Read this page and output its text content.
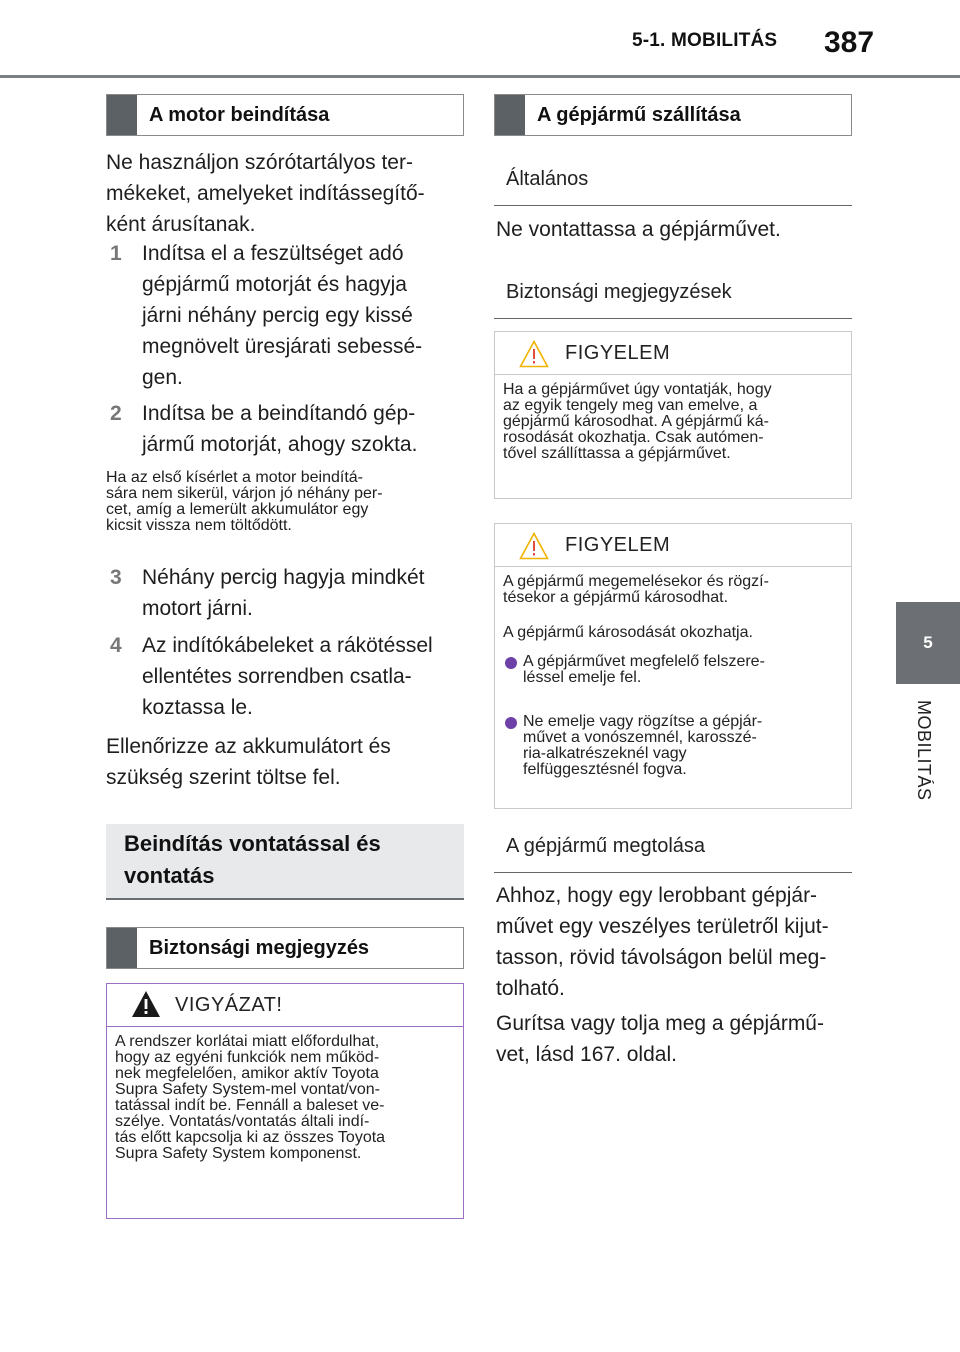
5-1. MOBILITÁS 387
5
MOBILITÁS
A motor beindítása
Ne használjon szórótartályos ter-
mékeket, amelyeket indítássegítő-
ként árusítanak.
1 Indítsa el a feszültséget adó
gépjármű motorját és hagyja
járni néhány percig egy kissé
megnövelt üresjárati sebessé-
gen.
2 Indítsa be a beindítandó gép-
jármű motorját, ahogy szokta.
Ha az első kísérlet a motor beindítá-
sára nem sikerül, várjon jó néhány per-
cet, amíg a lemerült akkumulátor egy
kicsit vissza nem töltődött.
3 Néhány percig hagyja mindkét
motort járni.
4 Az indítókábeleket a rákötéssel
ellentétes sorrendben csatla-
koztassa le.
Ellenőrizze az akkumulátort és
szükség szerint töltse fel.
Beindítás vontatással és
vontatás
Biztonsági megjegyzés
VIGYÁZAT!
A rendszer korlátai miatt előfordulhat,
hogy az egyéni funkciók nem működ-
nek megfelelően, amikor aktív Toyota
Supra Safety System-mel vontat/von-
tatással indít be. Fennáll a baleset ve-
szélye. Vontatás/vontatás általi indí-
tás előtt kapcsolja ki az összes Toyota
Supra Safety System komponenst.
A gépjármű szállítása
Általános
Ne vontattassa a gépjárművet.
Biztonsági megjegyzések
FIGYELEM
Ha a gépjárművet úgy vontatják, hogy
az egyik tengely meg van emelve, a
gépjármű károsodhat. A gépjármű ká-
rosodását okozhatja. Csak autómen-
tővel szállíttassa a gépjárművet.
FIGYELEM
A gépjármű megemelésekor és rögzí-
tésekor a gépjármű károsodhat.
A gépjármű károsodását okozhatja.
A gépjárművet megfelelő felszere-
léssel emelje fel.
Ne emelje vagy rögzítse a gépjár-
művet a vonószemnél, karosszé-
ria-alkatrészeknél vagy
felfüggesztésnél fogva.
A gépjármű megtolása
Ahhoz, hogy egy lerobbant gépjár-
művet egy veszélyes területről kijut-
tasson, rövid távolságon belül meg-
tolható.
Gurítsa vagy tolja meg a gépjármű-
vet, lásd 167. oldal.
